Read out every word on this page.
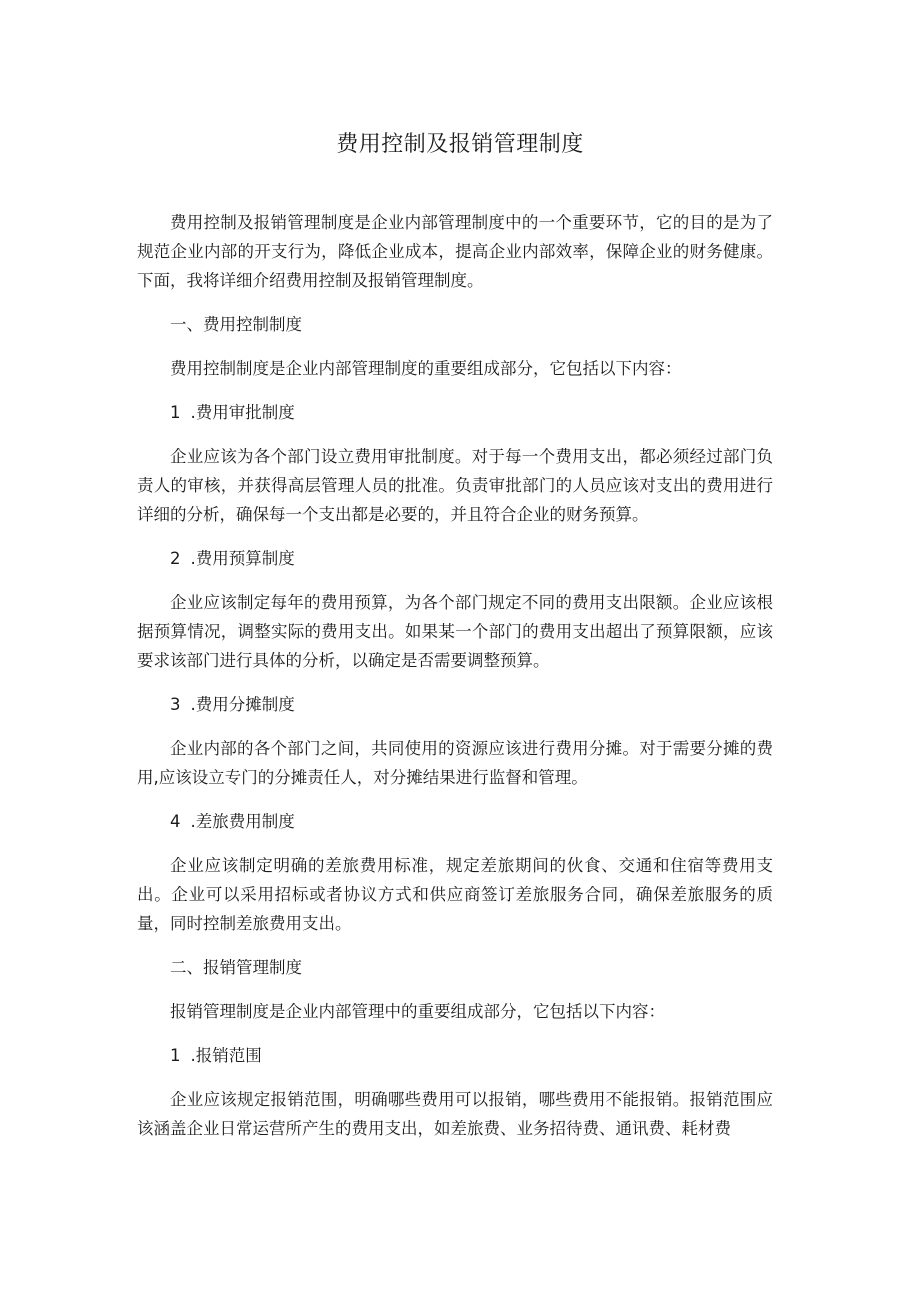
费用控制及报销管理制度

费用控制及报销管理制度是企业内部管理制度中的一个重要环节，它的目的是为了规范企业内部的开支行为，降低企业成本，提高企业内部效率，保障企业的财务健康。下面，我将详细介绍费用控制及报销管理制度。

一、费用控制制度

费用控制制度是企业内部管理制度的重要组成部分，它包括以下内容：

1 .费用审批制度

企业应该为各个部门设立费用审批制度。对于每一个费用支出，都必须经过部门负责人的审核，并获得高层管理人员的批准。负责审批部门的人员应该对支出的费用进行详细的分析，确保每一个支出都是必要的，并且符合企业的财务预算。

2 .费用预算制度

企业应该制定每年的费用预算，为各个部门规定不同的费用支出限额。企业应该根据预算情况，调整实际的费用支出。如果某一个部门的费用支出超出了预算限额，应该要求该部门进行具体的分析，以确定是否需要调整预算。

3 .费用分摊制度

企业内部的各个部门之间，共同使用的资源应该进行费用分摊。对于需要分摊的费用,应该设立专门的分摊责任人，对分摊结果进行监督和管理。

4 .差旅费用制度

企业应该制定明确的差旅费用标准，规定差旅期间的伙食、交通和住宿等费用支出。企业可以采用招标或者协议方式和供应商签订差旅服务合同，确保差旅服务的质量，同时控制差旅费用支出。

二、报销管理制度

报销管理制度是企业内部管理中的重要组成部分，它包括以下内容：

1 .报销范围

企业应该规定报销范围，明确哪些费用可以报销，哪些费用不能报销。报销范围应该涵盖企业日常运营所产生的费用支出，如差旅费、业务招待费、通讯费、耗材费
